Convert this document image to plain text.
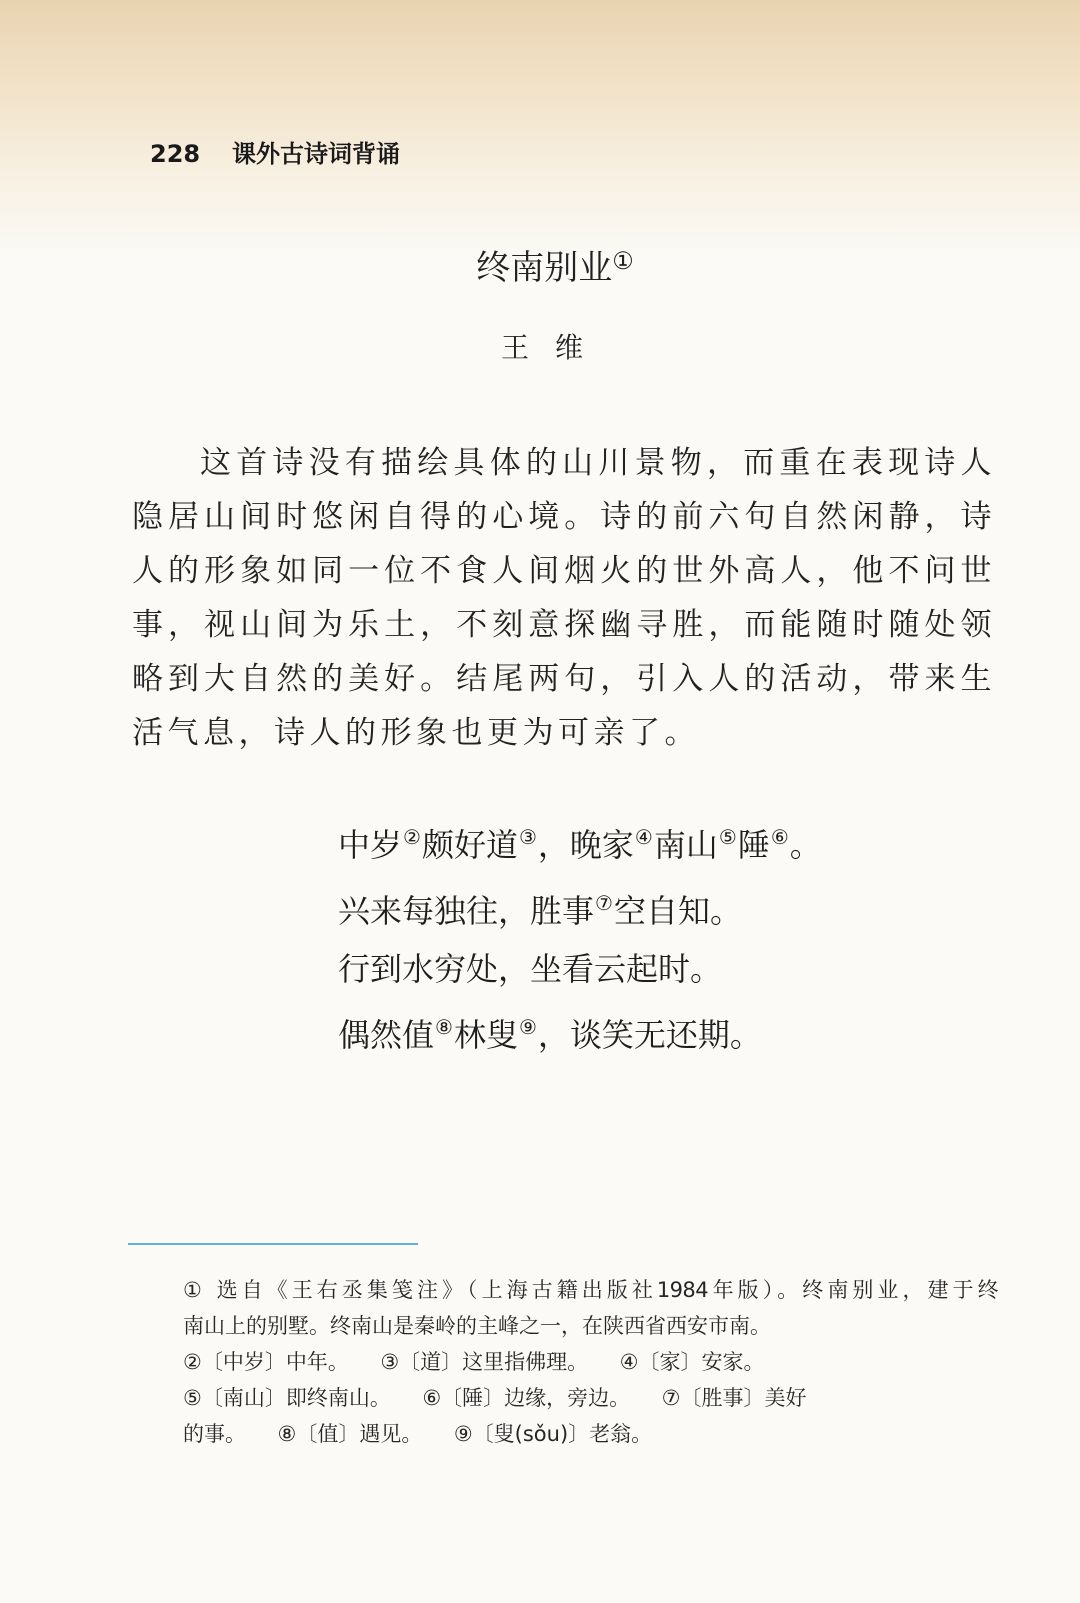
228 课外古诗词背诵
终南别业①
王维

这首诗没有描绘具体的山川景物，而重在表现诗人隐居山间时悠闲自得的心境。诗的前六句自然闲静，诗人的形象如同一位不食人间烟火的世外高人，他不问世事，视山间为乐土，不刻意探幽寻胜，而能随时随处领略到大自然的美好。结尾两句，引入人的活动，带来生活气息，诗人的形象也更为可亲了。

中岁②颇好道③，晚家④南山⑤陲⑥。
兴来每独往，胜事⑦空自知。
行到水穷处，坐看云起时。
偶然值⑧林叟⑨，谈笑无还期。
① 选自《王右丞集笺注》（上海古籍出版社1984年版）。终南别业，建于终
南山上的别墅。终南山是秦岭的主峰之一，在陕西省西安市南。
②〔中岁〕中年。　　③〔道〕这里指佛理。　　④〔家〕安家。
⑤〔南山〕即终南山。　　⑥〔陲〕边缘，旁边。　　⑦〔胜事〕美好
的事。　　⑧〔值〕遇见。　　⑨〔叟(sǒu)〕老翁。
